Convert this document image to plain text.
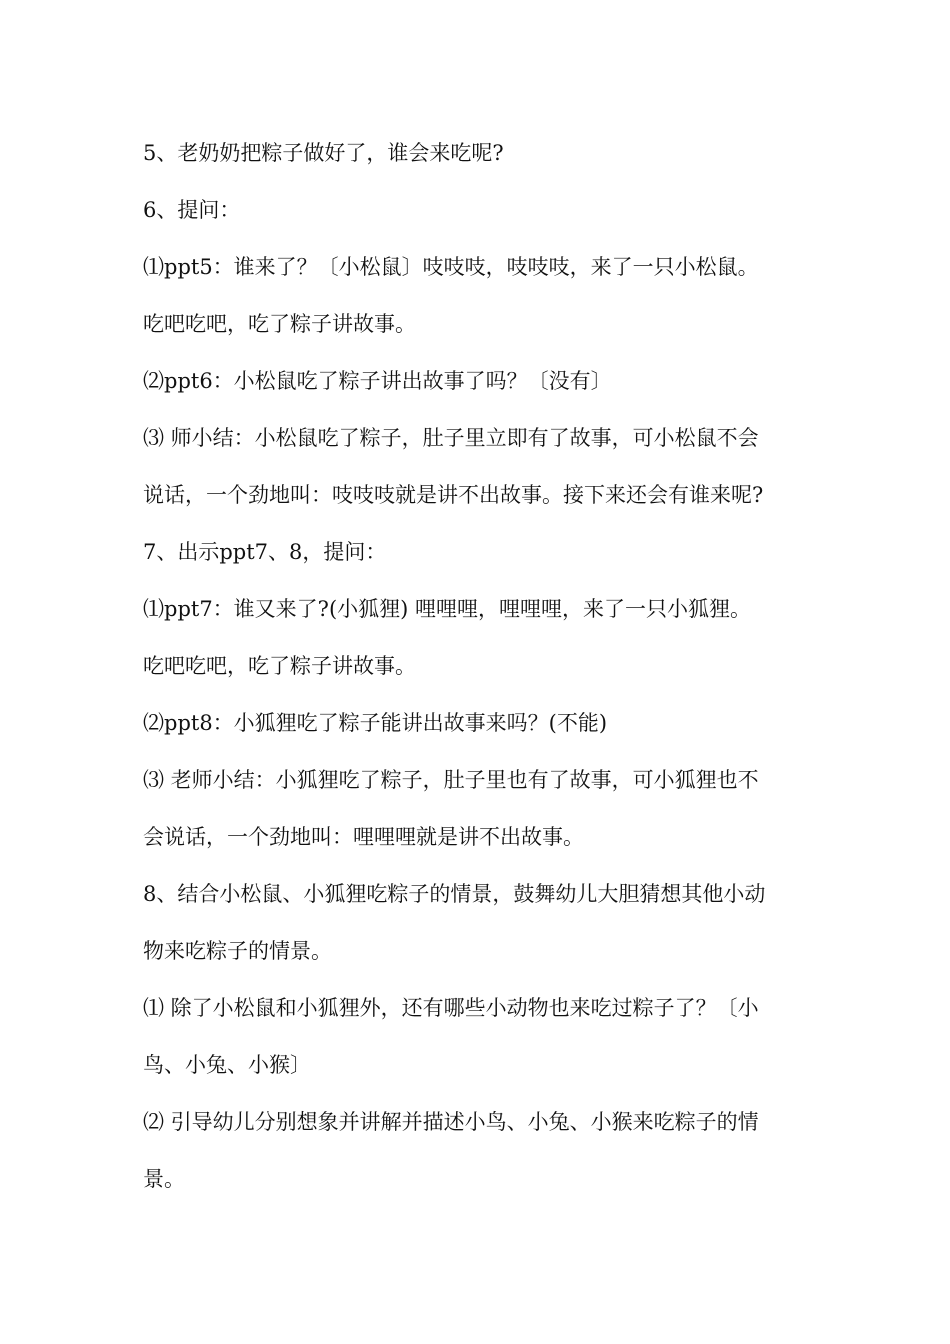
5、老奶奶把粽子做好了，谁会来吃呢?
6、提问：
⑴ppt5：谁来了？〔小松鼠〕吱吱吱，吱吱吱，来了一只小松鼠。
吃吧吃吧，吃了粽子讲故事。
⑵ppt6：小松鼠吃了粽子讲出故事了吗？〔没有〕
⑶ 师小结：小松鼠吃了粽子，肚子里立即有了故事，可小松鼠不会
说话，一个劲地叫：吱吱吱就是讲不出故事。接下来还会有谁来呢?
7、出示ppt7、8，提问：
⑴ppt7：谁又来了?(小狐狸) 哩哩哩，哩哩哩，来了一只小狐狸。
吃吧吃吧，吃了粽子讲故事。
⑵ppt8：小狐狸吃了粽子能讲出故事来吗？(不能)
⑶ 老师小结：小狐狸吃了粽子，肚子里也有了故事，可小狐狸也不
会说话，一个劲地叫：哩哩哩就是讲不出故事。
8、结合小松鼠、小狐狸吃粽子的情景，鼓舞幼儿大胆猜想其他小动
物来吃粽子的情景。
⑴ 除了小松鼠和小狐狸外，还有哪些小动物也来吃过粽子了？〔小
鸟、小兔、小猴〕
⑵ 引导幼儿分别想象并讲解并描述小鸟、小兔、小猴来吃粽子的情
景。
